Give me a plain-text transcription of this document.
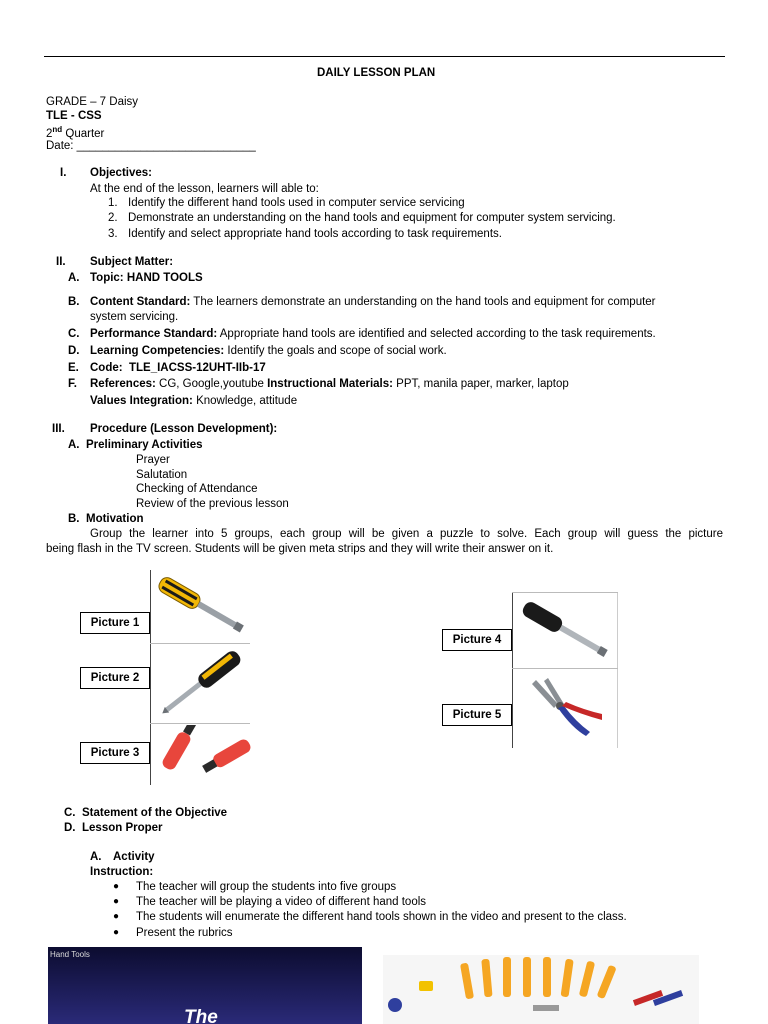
DAILY LESSON PLAN
GRADE – 7 Daisy
TLE - CSS
2nd Quarter
Date: ____________________________
I. Objectives:
At the end of the lesson, learners will able to:
1. Identify the different hand tools used in computer service servicing
2. Demonstrate an understanding on the hand tools and equipment for computer system servicing.
3. Identify and select appropriate hand tools according to task requirements.
II. Subject Matter:
A. Topic: HAND TOOLS
B. Content Standard: The learners demonstrate an understanding on the hand tools and equipment for computer
system servicing.
C. Performance Standard: Appropriate hand tools are identified and selected according to the task requirements.
D. Learning Competencies: Identify the goals and scope of social work.
E. Code:  TLE_IACSS-12UHT-IIb-17
F. References: CG, Google,youtube Instructional Materials: PPT, manila paper, marker, laptop
Values Integration: Knowledge, attitude
III. Procedure (Lesson Development):
A. Preliminary Activities
Prayer
Salutation
Checking of Attendance
Review of the previous lesson
B. Motivation
Group the learner into 5 groups, each group will be given a puzzle to solve. Each group will guess the picture
being flash in the TV screen. Students will be given meta strips and they will write their answer on it.
Picture 1
Picture 2
Picture 3
Picture 4
Picture 5
C. Statement of the Objective
D. Lesson Proper
A. Activity
Instruction:
● The teacher will group the students into five groups
● The teacher will be playing a video of different hand tools
● The students will enumerate the different hand tools shown in the video and present to the class.
● Present the rubrics
Hand Tools
The
